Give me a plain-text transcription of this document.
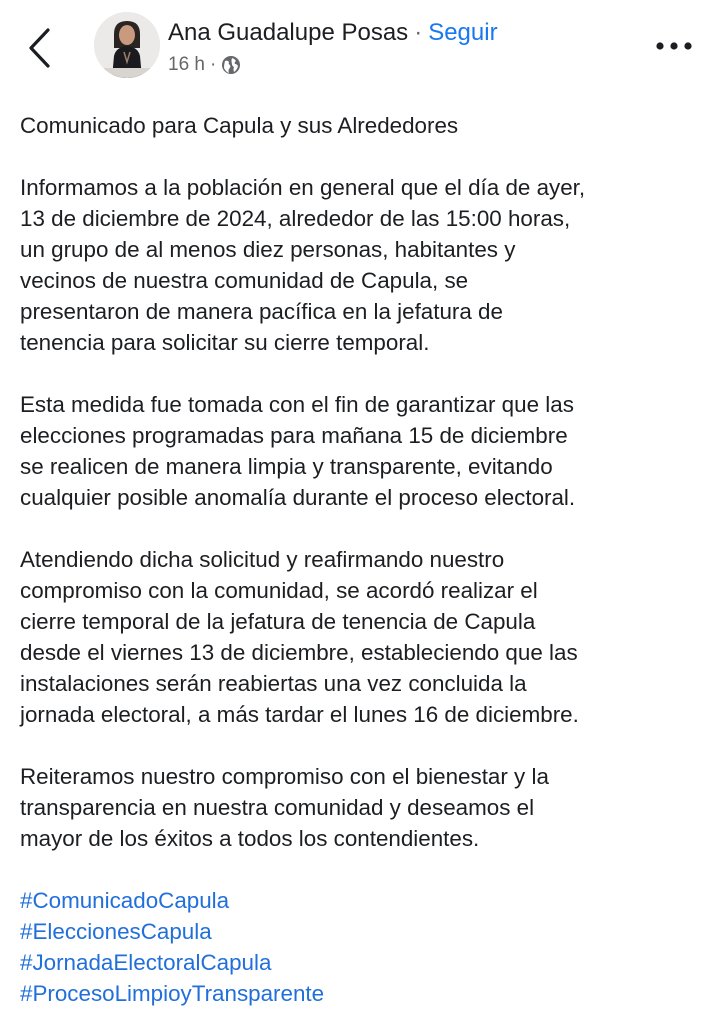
Ana Guadalupe Posas · Seguir
16 h ·

Comunicado para Capula y sus Alrededores

Informamos a la población en general que el día de ayer,
13 de diciembre de 2024, alrededor de las 15:00 horas,
un grupo de al menos diez personas, habitantes y
vecinos de nuestra comunidad de Capula, se
presentaron de manera pacífica en la jefatura de
tenencia para solicitar su cierre temporal.

Esta medida fue tomada con el fin de garantizar que las
elecciones programadas para mañana 15 de diciembre
se realicen de manera limpia y transparente, evitando
cualquier posible anomalía durante el proceso electoral.

Atendiendo dicha solicitud y reafirmando nuestro
compromiso con la comunidad, se acordó realizar el
cierre temporal de la jefatura de tenencia de Capula
desde el viernes 13 de diciembre, estableciendo que las
instalaciones serán reabiertas una vez concluida la
jornada electoral, a más tardar el lunes 16 de diciembre.

Reiteramos nuestro compromiso con el bienestar y la
transparencia en nuestra comunidad y deseamos el
mayor de los éxitos a todos los contendientes.

#ComunicadoCapula
#EleccionesCapula
#JornadaElectoralCapula
#ProcesoLimpioyTransparente
